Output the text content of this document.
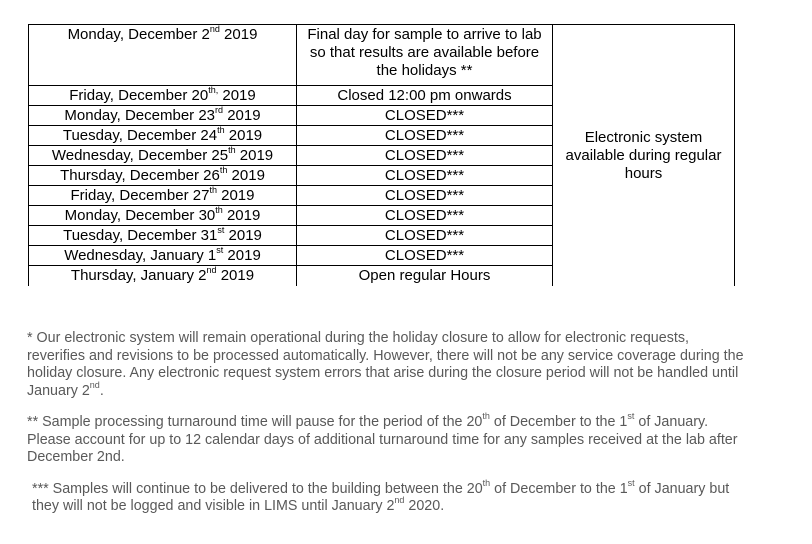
Monday, December 2nd 2019	Final day for sample to arrive to lab so that results are available before the holidays **	Electronic system available during regular hours
Friday, December $20^{th,}$ 2019	Closed 12:00 pm onwards	
Monday, December 23rd 2019	CLOSED***	
Tuesday, December 24th 2019	CLOSED***	
Wednesday, December 25th 2019	CLOSED***	
Thursday, December 26th 2019	CLOSED***	
Friday, December 27th 2019	CLOSED***	
Monday, December 30th 2019	CLOSED***	
Tuesday, December 31st 2019	CLOSED***	
Wednesday, January 1st 2019	CLOSED***	
Thursday, January 2nd 2019	Open regular Hours	

* Our electronic system will remain operational during the holiday closure to allow for electronic requests, reverifies and revisions to be processed automatically. However, there will not be any service coverage during the holiday closure. Any electronic request system errors that arise during the closure period will not be handled until January 2nd.

** Sample processing turnaround time will pause for the period of the 20th of December to the 1st of January. Please account for up to 12 calendar days of additional turnaround time for any samples received at the lab after December 2nd.

*** Samples will continue to be delivered to the building between the 20th of December to the 1st of January but they will not be logged and visible in LIMS until January 2nd 2020.
